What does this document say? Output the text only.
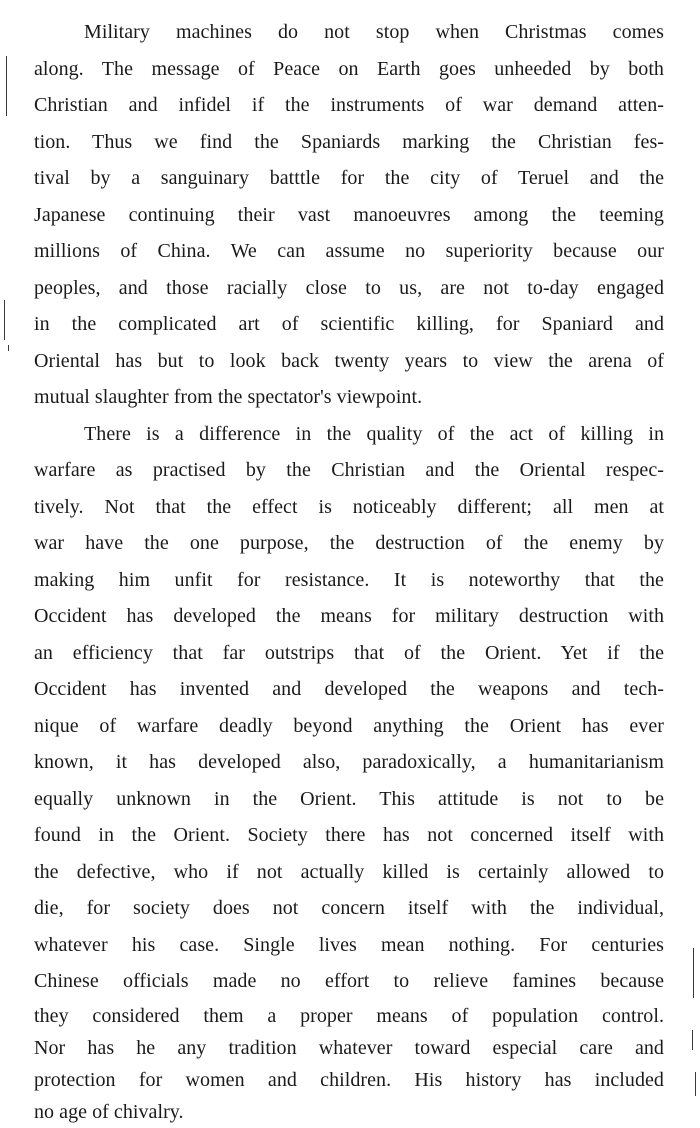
Military machines do not stop when Christmas comes
along. The message of Peace on Earth goes unheeded by both
Christian and infidel if the instruments of war demand atten-
tion. Thus we find the Spaniards marking the Christian fes-
tival by a sanguinary batttle for the city of Teruel and the
Japanese continuing their vast manoeuvres among the teeming
millions of China. We can assume no superiority because our
peoples, and those racially close to us, are not to-day engaged
in the complicated art of scientific killing, for Spaniard and
Oriental has but to look back twenty years to view the arena of
mutual slaughter from the spectator's viewpoint.
There is a difference in the quality of the act of killing in
warfare as practised by the Christian and the Oriental respec-
tively. Not that the effect is noticeably different; all men at
war have the one purpose, the destruction of the enemy by
making him unfit for resistance. It is noteworthy that the
Occident has developed the means for military destruction with
an efficiency that far outstrips that of the Orient. Yet if the
Occident has invented and developed the weapons and tech-
nique of warfare deadly beyond anything the Orient has ever
known, it has developed also, paradoxically, a humanitarianism
equally unknown in the Orient. This attitude is not to be
found in the Orient. Society there has not concerned itself with
the defective, who if not actually killed is certainly allowed to
die, for society does not concern itself with the individual,
whatever his case. Single lives mean nothing. For centuries
Chinese officials made no effort to relieve famines because
they considered them a proper means of population control.
Nor has he any tradition whatever toward especial care and
protection for women and children. His history has included
no age of chivalry.
